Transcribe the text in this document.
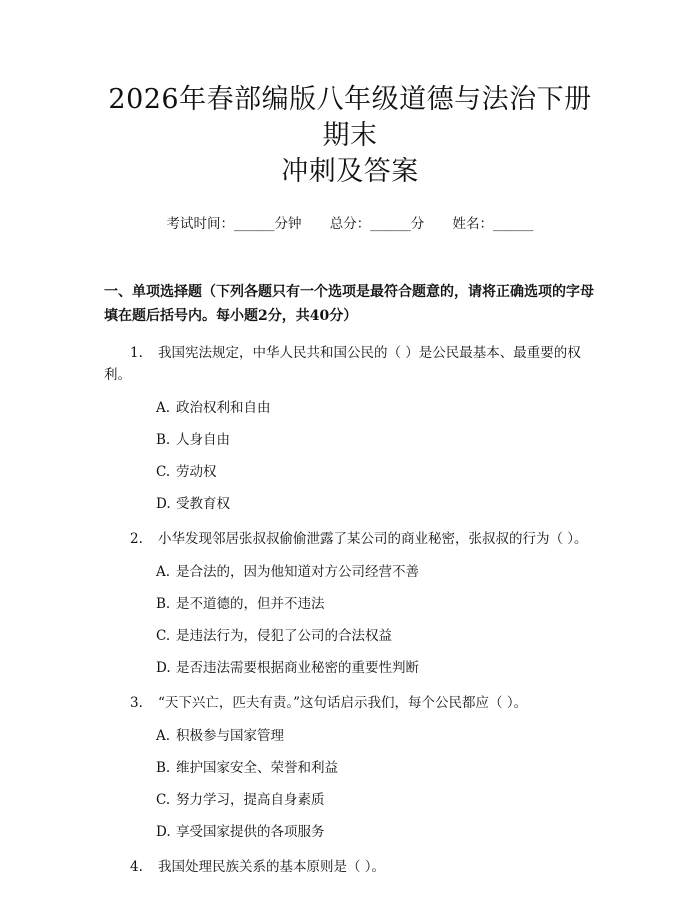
2026年春部编版八年级道德与法治下册期末
冲刺及答案
考试时间：______分钟 总分：______分 姓名：______
一、单项选择题（下列各题只有一个选项是最符合题意的，请将正确选项的字母填在题后括号内。每小题2分，共40分）
1. 我国宪法规定，中华人民共和国公民的（ ）是公民最基本、最重要的权利。
A. 政治权利和自由
B. 人身自由
C. 劳动权
D. 受教育权
2. 小华发现邻居张叔叔偷偷泄露了某公司的商业秘密，张叔叔的行为（ ）。
A. 是合法的，因为他知道对方公司经营不善
B. 是不道德的，但并不违法
C. 是违法行为，侵犯了公司的合法权益
D. 是否违法需要根据商业秘密的重要性判断
3. “天下兴亡，匹夫有责。”这句话启示我们，每个公民都应（ ）。
A. 积极参与国家管理
B. 维护国家安全、荣誉和利益
C. 努力学习，提高自身素质
D. 享受国家提供的各项服务
4. 我国处理民族关系的基本原则是（ ）。
